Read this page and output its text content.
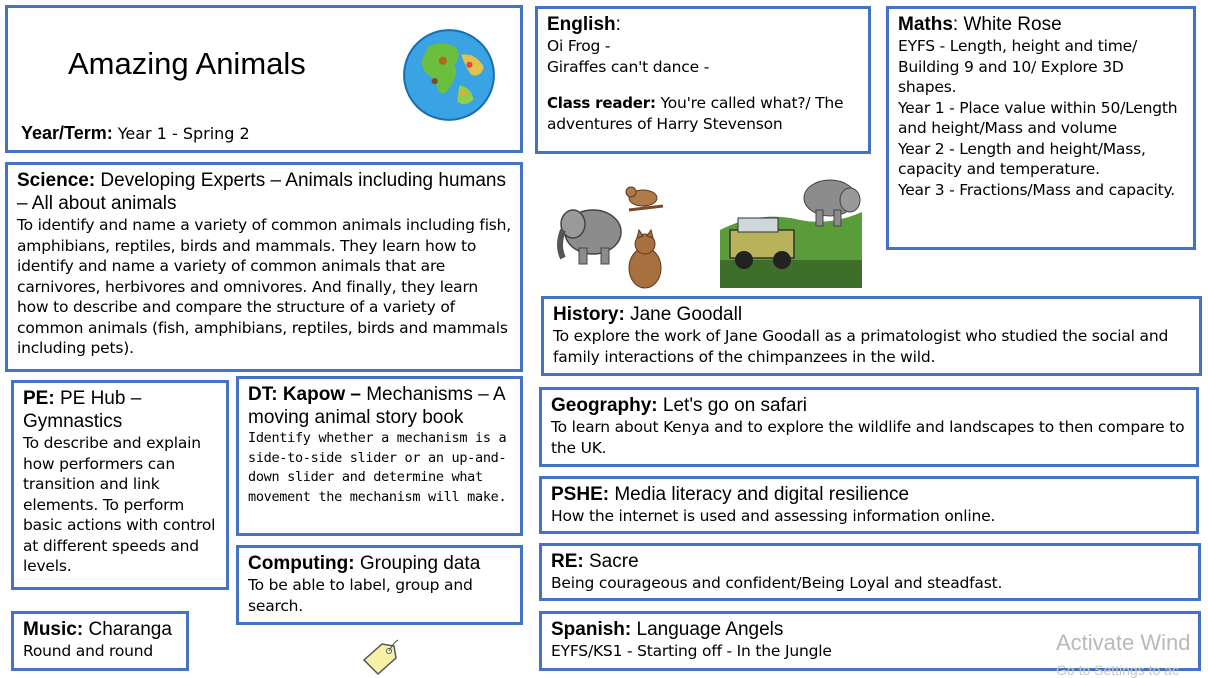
Amazing Animals
Year/Term: Year 1 - Spring 2
English:
Oi Frog -
Giraffes can't dance -
Class reader: You're called what?/ The adventures of Harry Stevenson
Maths: White Rose
EYFS - Length, height and time/ Building 9 and 10/ Explore 3D shapes.
Year 1 - Place value within 50/Length and height/Mass and volume
Year 2 - Length and height/Mass, capacity and temperature.
Year 3 - Fractions/Mass and capacity.
Science: Developing Experts – Animals including humans – All about animals
To identify and name a variety of common animals including fish, amphibians, reptiles, birds and mammals. They learn how to identify and name a variety of common animals that are carnivores, herbivores and omnivores. And finally, they learn how to describe and compare the structure of a variety of common animals (fish, amphibians, reptiles, birds and mammals including pets).
History: Jane Goodall
To explore the work of Jane Goodall as a primatologist who studied the social and family interactions of the chimpanzees in the wild.
PE: PE Hub – Gymnastics
To describe and explain how performers can transition and link elements. To perform basic actions with control at different speeds and levels.
DT: Kapow – Mechanisms – A moving animal story book
Identify whether a mechanism is a side-to-side slider or an up-and-down slider and determine what movement the mechanism will make.
Geography: Let's go on safari
To learn about Kenya and to explore the wildlife and landscapes to then compare to the UK.
PSHE: Media literacy and digital resilience
How the internet is used and assessing information online.
Computing: Grouping data
To be able to label, group and search.
RE: Sacre
Being courageous and confident/Being Loyal and steadfast.
Music: Charanga
Round and round
Spanish: Language Angels
EYFS/KS1 - Starting off - In the Jungle	Activate Wind
Go to Settings to ac
